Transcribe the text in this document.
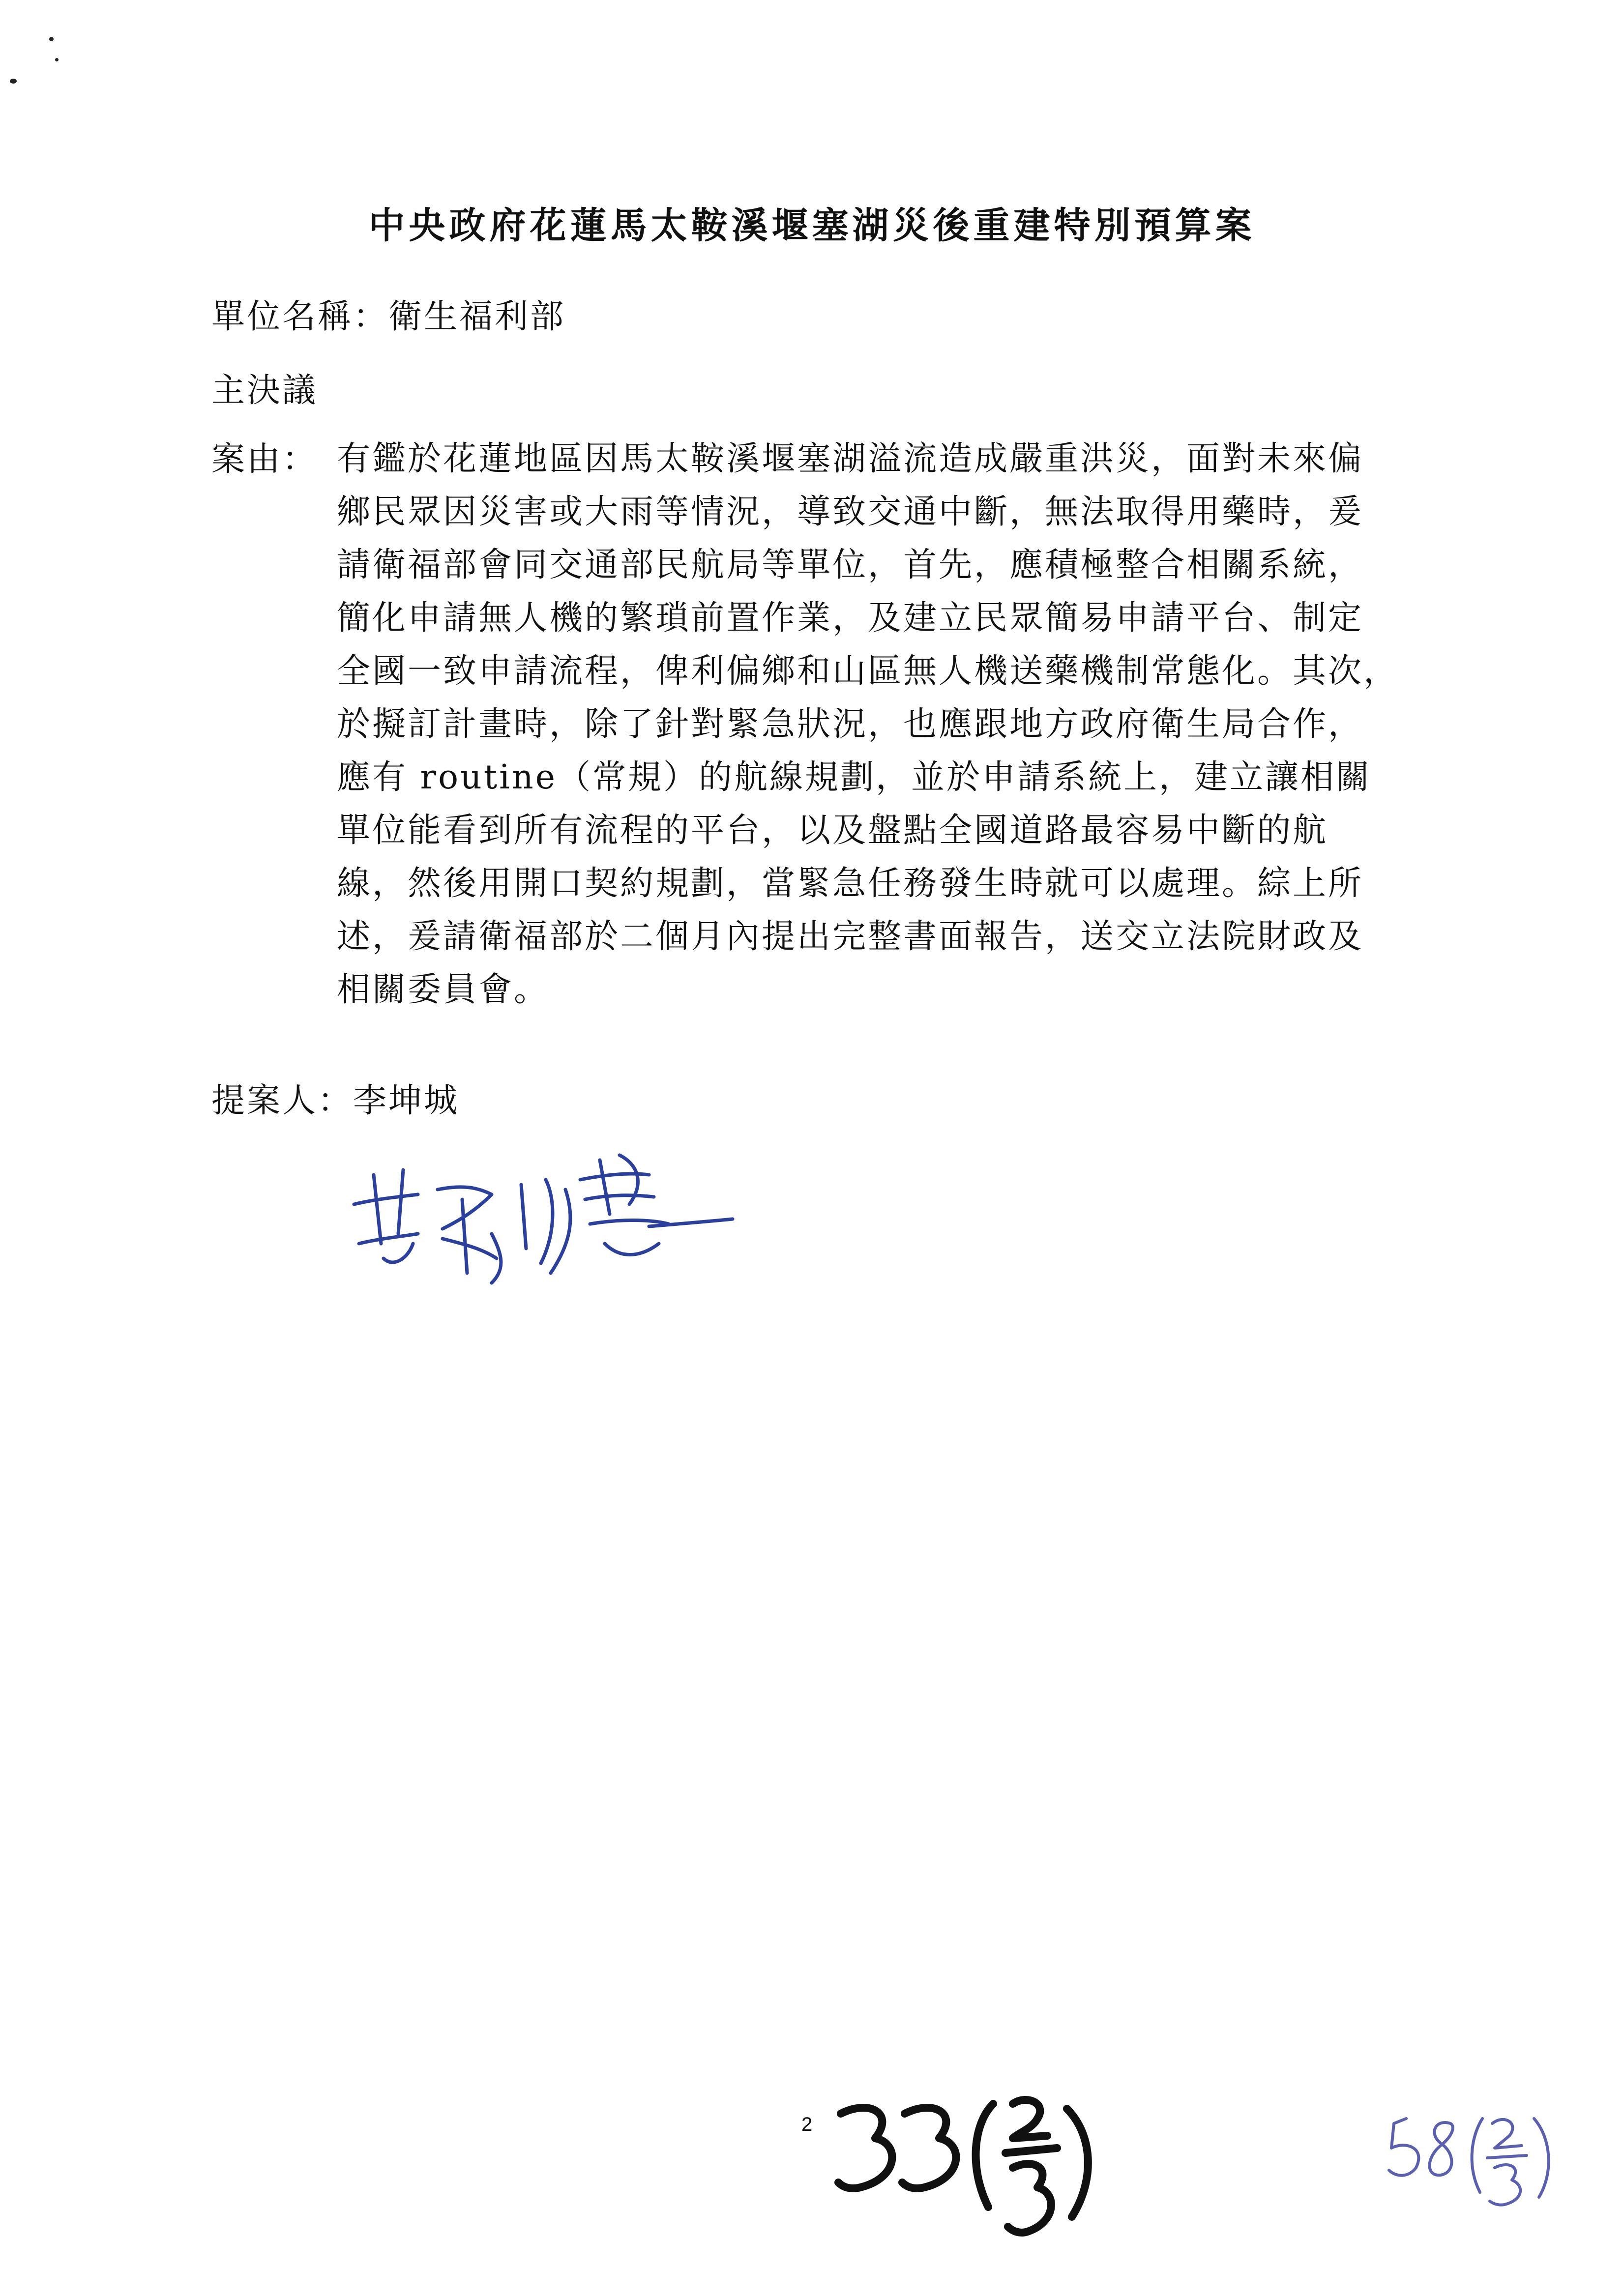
中央政府花蓮馬太鞍溪堰塞湖災後重建特別預算案
單位名稱：衛生福利部
主決議
案由： 有鑑於花蓮地區因馬太鞍溪堰塞湖溢流造成嚴重洪災，面對未來偏
鄉民眾因災害或大雨等情況，導致交通中斷，無法取得用藥時，爰
請衛福部會同交通部民航局等單位，首先，應積極整合相關系統，
簡化申請無人機的繁瑣前置作業，及建立民眾簡易申請平台、制定
全國一致申請流程，俾利偏鄉和山區無人機送藥機制常態化。其次，
於擬訂計畫時，除了針對緊急狀況，也應跟地方政府衛生局合作，
應有 routine（常規）的航線規劃，並於申請系統上，建立讓相關
單位能看到所有流程的平台，以及盤點全國道路最容易中斷的航
線，然後用開口契約規劃，當緊急任務發生時就可以處理。綜上所
述，爰請衛福部於二個月內提出完整書面報告，送交立法院財政及
相關委員會。
提案人：李坤城
2
